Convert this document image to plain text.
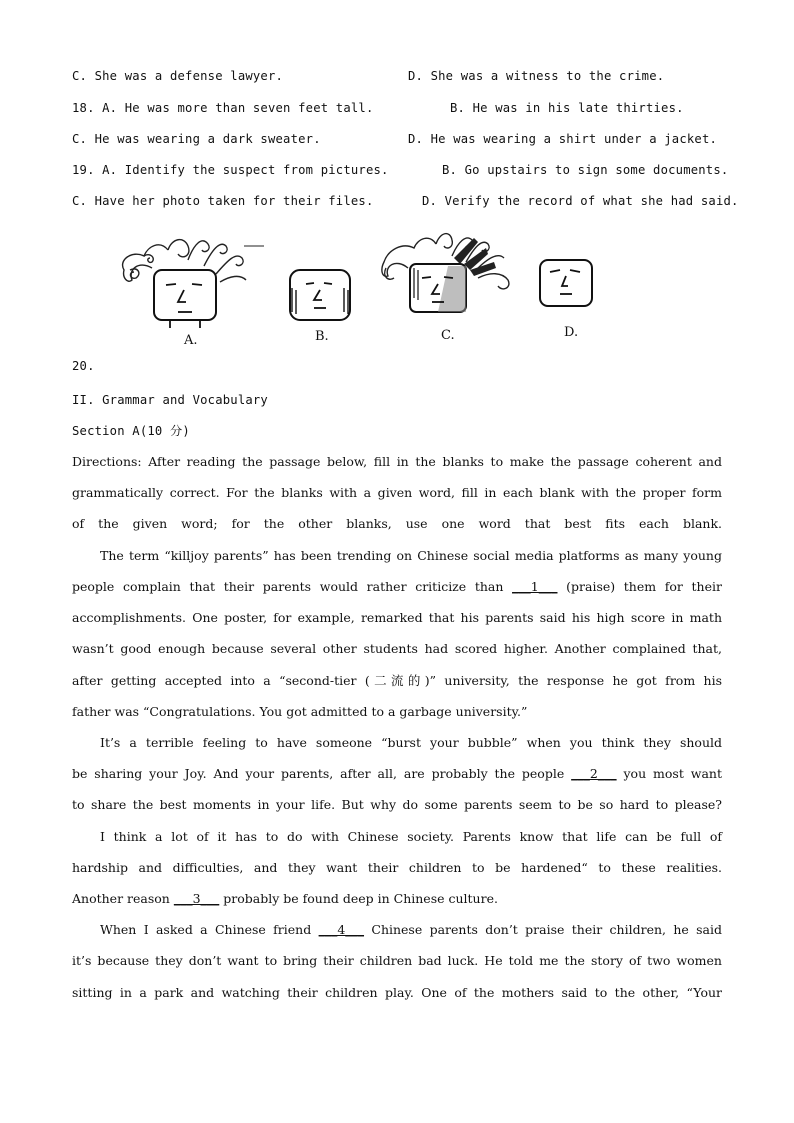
C. She was a defense lawyer.	D. She was a witness to the crime.
18. A. He was more than seven feet tall.	B. He was in his late thirties.
C. He was wearing a dark sweater.	D. He was wearing a shirt under a jacket.
19. A. Identify the suspect from pictures.	B. Go upstairs to sign some documents.
C. Have her photo taken for their files.	D. Verify the record of what she had said.
A.	B.	C.	D.
20.
II. Grammar and Vocabulary
Section A(10 分)
Directions: After reading the passage below, fill in the blanks to make the passage coherent and
grammatically correct. For the blanks with a given word, fill in each blank with the proper form
of the given word; for the other blanks, use one word that best fits each blank.
The term “killjoy parents” has been trending on Chinese social media platforms as many young
people complain that their parents would rather criticize than ___1___ (praise) them for their
accomplishments. One poster, for example, remarked that his parents said his high score in math
wasn’t good enough because several other students had scored higher. Another complained that,
after getting accepted into a “second-tier (二流的)” university, the response he got from his
father was “Congratulations. You got admitted to a garbage university.”
It’s a terrible feeling to have someone “burst your bubble” when you think they should
be sharing your Joy. And your parents, after all, are probably the people ___2___ you most want
to share the best moments in your life. But why do some parents seem to be so hard to please?
I think a lot of it has to do with Chinese society. Parents know that life can be full of
hardship and difficulties, and they want their children to be hardened“ to these realities.
Another reason ___3___ probably be found deep in Chinese culture.
When I asked a Chinese friend ___4___ Chinese parents don’t praise their children, he said
it’s because they don’t want to bring their children bad luck. He told me the story of two women
sitting in a park and watching their children play. One of the mothers said to the other, “Your
